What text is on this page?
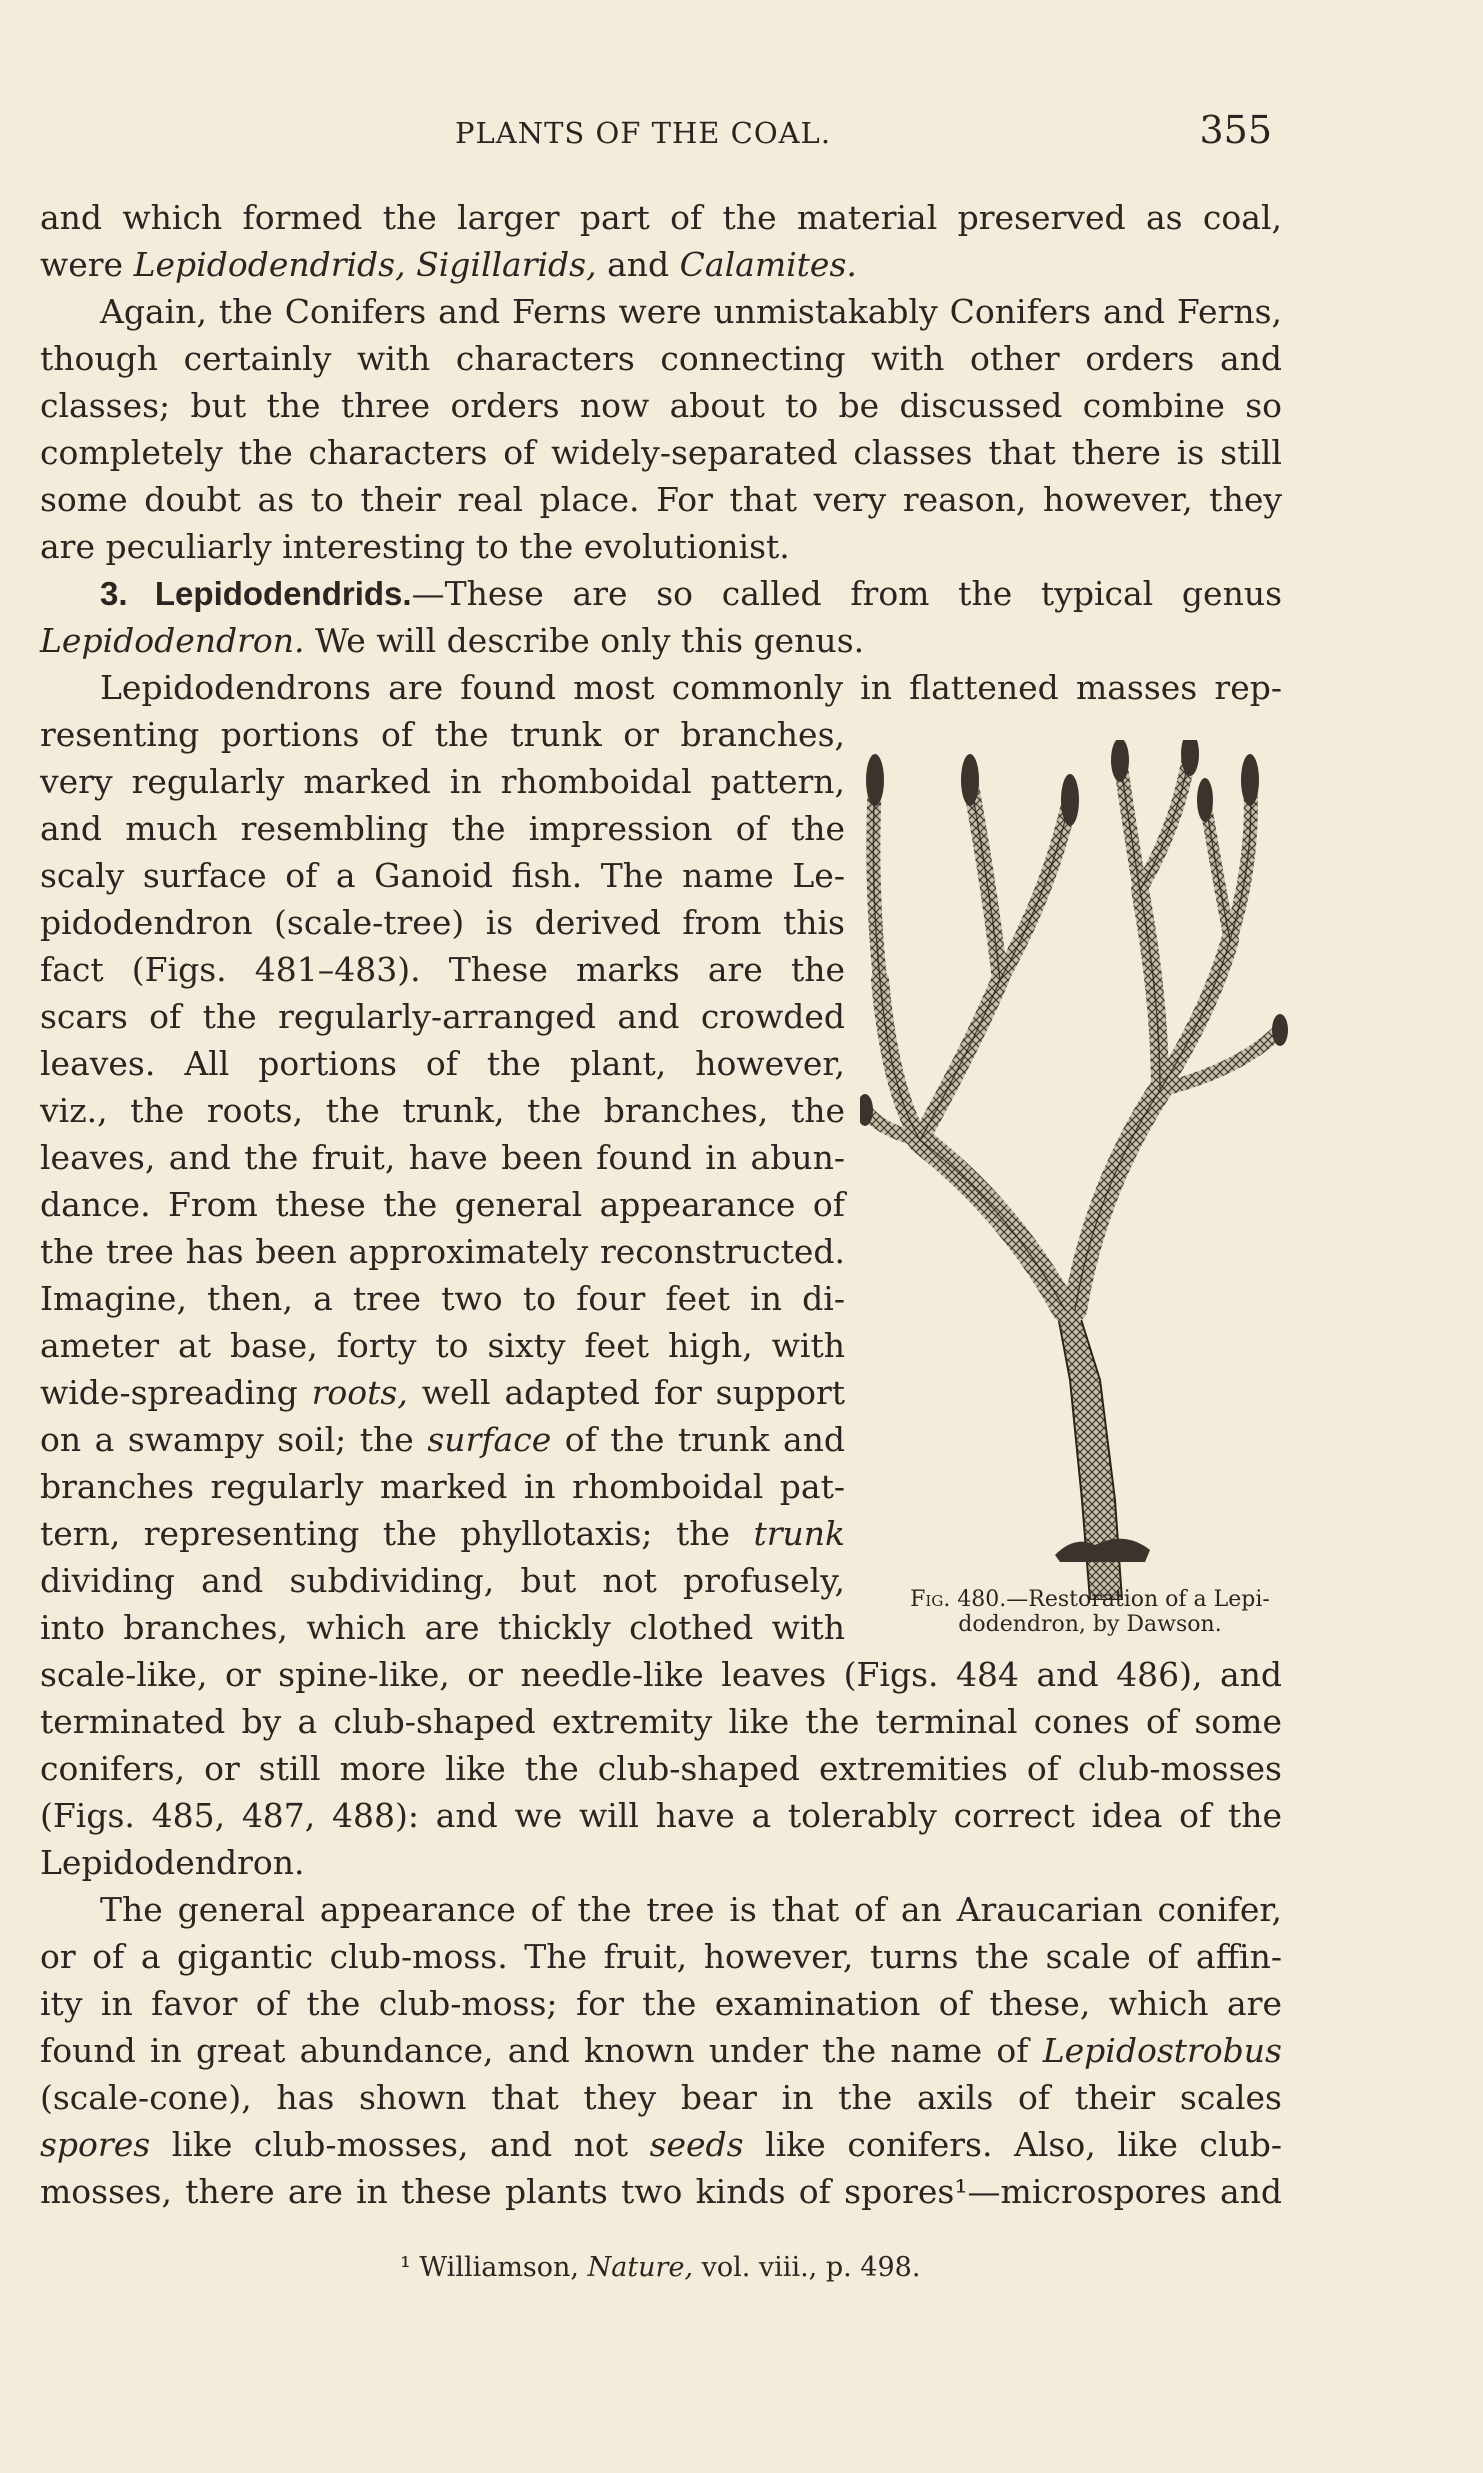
PLANTS OF THE COAL.	355
and which formed the larger part of the material preserved as coal,
were Lepidodendrids, Sigillarids, and Calamites.
Again, the Conifers and Ferns were unmistakably Conifers and Ferns,
though certainly with characters connecting with other orders and
classes; but the three orders now about to be discussed combine so
completely the characters of widely-separated classes that there is still
some doubt as to their real place. For that very reason, however, they
are peculiarly interesting to the evolutionist.
3. Lepidodendrids.—These are so called from the typical genus
Lepidodendron. We will describe only this genus.
Lepidodendrons are found most commonly in flattened masses rep-
resenting portions of the trunk or branches,
very regularly marked in rhomboidal pattern,
and much resembling the impression of the
scaly surface of a Ganoid fish. The name Le-
pidodendron (scale-tree) is derived from this
fact (Figs. 481–483). These marks are the
scars of the regularly-arranged and crowded
leaves. All portions of the plant, however,
viz., the roots, the trunk, the branches, the
leaves, and the fruit, have been found in abun-
dance. From these the general appearance of
the tree has been approximately reconstructed.
Imagine, then, a tree two to four feet in di-
ameter at base, forty to sixty feet high, with
wide-spreading roots, well adapted for support
on a swampy soil; the surface of the trunk and
branches regularly marked in rhomboidal pat-
tern, representing the phyllotaxis; the trunk
dividing and subdividing, but not profusely,
into branches, which are thickly clothed with
scale-like, or spine-like, or needle-like leaves (Figs. 484 and 486), and
terminated by a club-shaped extremity like the terminal cones of some
conifers, or still more like the club-shaped extremities of club-mosses
(Figs. 485, 487, 488): and we will have a tolerably correct idea of the
Lepidodendron.
The general appearance of the tree is that of an Araucarian conifer,
or of a gigantic club-moss. The fruit, however, turns the scale of affin-
ity in favor of the club-moss; for the examination of these, which are
found in great abundance, and known under the name of Lepidostrobus
(scale-cone), has shown that they bear in the axils of their scales
spores like club-mosses, and not seeds like conifers. Also, like club-
mosses, there are in these plants two kinds of spores¹—microspores and
Fig. 480.—Restoration of a Lepi-
dodendron, by Dawson.
¹ Williamson, Nature, vol. viii., p. 498.
